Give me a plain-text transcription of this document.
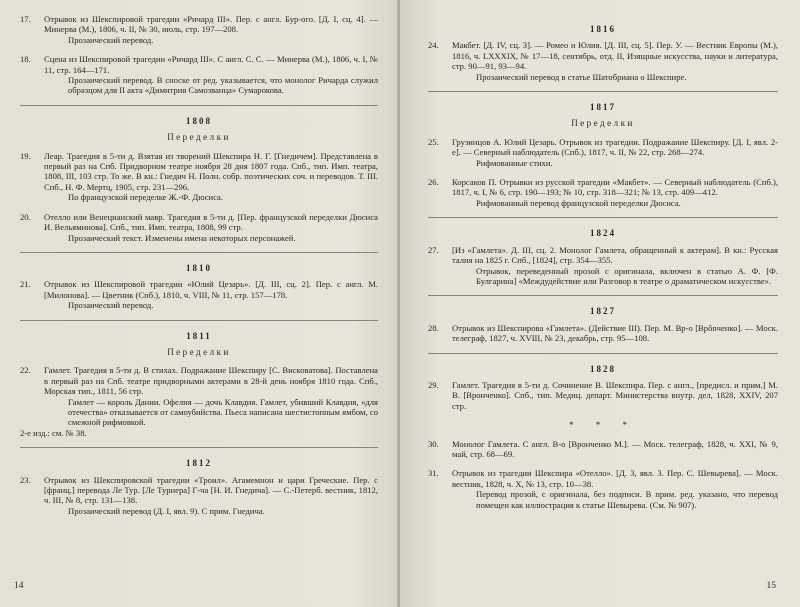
17.	Отрывок из Шекспировой трагедии «Ричард III». Пер. с англ. Бур-ого. [Д. I, сц. 4]. — Минерва (М.), 1806, ч. II, № 30, июль, стр. 197—208.
Прозаический перевод.
18.	Сцена из Шекспировой трагедии «Ричард III». С англ. С. С. — Минерва (М.), 1806, ч. I, № 11, стр. 164—171.
Прозаический перевод. В сноске от ред. указывается, что монолог Ричарда служил образцом для II акта «Димитрия Самозванца» Сумарокова.
1808
Переделки
19.	Леар. Трагедия в 5-ти д. Взятая из творений Шекспира Н. Г. [Гнедичем]. Представлена в первый раз на Спб. Придворном театре ноября 28 дня 1807 года. Спб., тип. Имп. театра, 1808, III, 103 стр. То же. В кн.: Гнедич Н. Полн. собр. поэтических соч. и переводов. Т. III. Спб., Н. Ф. Мертц, 1905, стр. 231—296.
По французской переделке Ж.-Ф. Дюсиса.
20.	Отелло или Венецианский мавр. Трагедия в 5-ти д. [Пер. французской переделки Дюсиса И. Вельяминова]. Спб., тип. Имп. театра, 1808, 99 стр.
Прозаический текст. Изменены имена некоторых персонажей.
1810
21.	Отрывок из Шекспировой трагедии «Юлий Цезарь». [Д. III, сц. 2]. Пер. с англ. М. [Милонова]. — Цветник (Спб.), 1810, ч. VIII, № 11, стр. 157—178.
Прозаический перевод.
1811
Переделки
22.	Гамлет. Трагедия в 5-ти д. В стихах. Подражание Шекспиру [С. Висковатова]. Поставлена в первый раз на Спб. театре придворными актерами в 28-й день ноября 1810 года. Спб., Морская тип., 1811, 56 стр.
Гамлет — король Дании. Офелия — дочь Клавдия. Гамлет, убивший Клавдия, «для отечества» отказывается от самоубийства. Пьеса написана шестистопным ямбом, со смежной рифмовкой.
2-е изд.: см. № 38.
1812
23.	Отрывок из Шекспировской трагедии «Троил». Агамемнон и цари Греческие. Пер. с [франц.] перевода Ле Тур. [Ле Турнера] Г-ча [Н. И. Гнедича]. — С.-Петерб. вестник, 1812, ч. III, № 8, стр. 131—138.
Прозаический перевод (Д. I, явл. 9). С прим. Гнедича.
14
1816
24.	Макбет. [Д. IV, сц. 3]. — Ромео и Юлия. [Д. III, сц. 5]. Пер. У. — Вестник Европы (М.), 1816, ч. LXXXIX, № 17—18, сентябрь, отд. II, Изящные искусства, науки и литература, стр. 90—91, 93—94.
Прозаический перевод в статье Шатобриана о Шекспире.
1817
Переделки
25.	Грузинцов А. Юлий Цезарь. Отрывок из трагедии. Подражание Шекспиру. [Д. I, явл. 2-е]. — Северный наблюдатель (Спб.), 1817, ч. II, № 22, стр. 268—274.
Рифмованные стихи.
26.	Корсаков П. Отрывки из русской трагедии «Макбет». — Северный наблюдатель (Спб.), 1817, ч. I, № 6, стр. 190—193; № 10, стр. 318—321; № 13, стр. 409—412.
Рифмованный перевод французской переделки Дюсиса.
1824
27.	[Из «Гамлета». Д. III, сц. 2. Монолог Гамлета, обращенный к актерам]. В кн.: Русская талия на 1825 г. Спб., [1824], стр. 354—355.
Отрывок, переведенный прозой с оригинала, включен в статью А. Ф. [Ф. Булгарина] «Междудействие или Разговор в театре о драматическом искусстве».
1827
28.	Отрывок из Шекспирова «Гамлета». (Действие III). Пер. М. Вр-о [Врônченко]. — Моск. телеграф, 1827, ч. XVIII, № 23, декабрь, стр. 95—108.
1828
29.	Гамлет. Трагедия в 5-ти д. Сочинение В. Шекспира. Пер. с англ., [предисл. и прим.] М. В. [Вронченко]. Спб., тип. Медиц. департ. Министерства внутр. дел, 1828, XXIV, 207 стр.
* * *
30.	Монолог Гамлета. С англ. В-о [Вронченко М.]. — Моск. телеграф, 1828, ч. XXI, № 9, май, стр. 68—69.
31.	Отрывок из трагедии Шекспира «Отелло». [Д. 3, явл. 3. Пер. С. Шевырева]. — Моск. вестник, 1828, ч. X, № 13, стр. 10—38.
Перевод прозой, с оригинала, без подписи. В прим. ред. указано, что перевод помещен как иллюстрация к статье Шевырева. (См. № 907).
15
